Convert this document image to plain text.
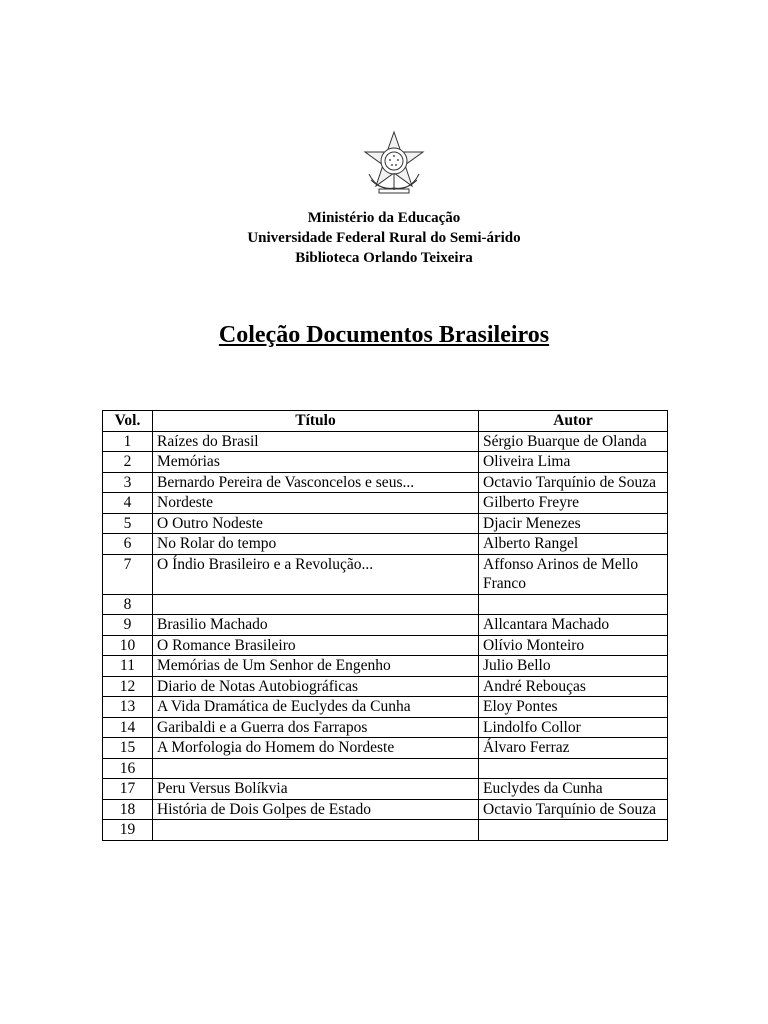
Ministério da Educação
Universidade Federal Rural do Semi-árido
Biblioteca Orlando Teixeira
Coleção Documentos Brasileiros
Vol.	Título	Autor
1	Raízes do Brasil	Sérgio Buarque de Olanda
2	Memórias	Oliveira Lima
3	Bernardo Pereira de Vasconcelos e seus...	Octavio Tarquínio de Souza
4	Nordeste	Gilberto Freyre
5	O Outro Nodeste	Djacir Menezes
6	No Rolar do tempo	Alberto Rangel
7	O Índio Brasileiro e a Revolução...	Affonso Arinos de Mello Franco
8		
9	Brasilio Machado	Allcantara Machado
10	O Romance Brasileiro	Olívio Monteiro
11	Memórias de Um Senhor de Engenho	Julio Bello
12	Diario de Notas Autobiográficas	André Rebouças
13	A Vida Dramática de Euclydes da Cunha	Eloy Pontes
14	Garibaldi e a Guerra dos Farrapos	Lindolfo Collor
15	A Morfologia do Homem do Nordeste	Álvaro Ferraz
16		
17	Peru Versus Bolíkvia	Euclydes da Cunha
18	História de Dois Golpes de Estado	Octavio Tarquínio de Souza
19		
